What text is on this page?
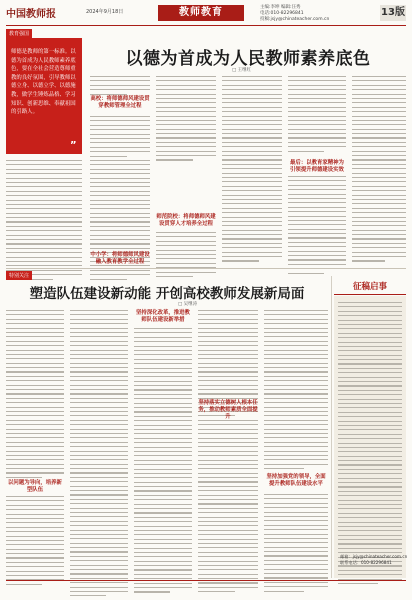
中国教师报	2024年9月18日	教师教育	主编:李坤 编辑:汪秀
电话:010-82296841
投稿:jsjy@chinateacher.com.cn
13版
教育强国
师德是教师的第一标准。以德为首成为人民教师素养底色，要在全社会营造尊师重教的良好氛围，引导教师以德立身、以德立学、以德施教，做学生锤炼品格、学习知识、创新思维、奉献祖国的引路人。
”
以德为首成为人民教师素养底色
□ 王继红
高校：将师德师风建设贯穿教师管理全过程
师范院校：将师德师风建设贯穿人才培养全过程
最后：以教育家精神为引领提升师德建设实效
中小学：将师德师风建设融入教育教学全过程
特别关注
塑造队伍建设新动能 开创高校教师发展新局面
□ 吴继涛
以问题为导向，培养新型队伍
坚持深化改革，推进教师队伍建设新举措
坚持落实立德树人根本任务，推动教师素质全面提升
坚持加强党的领导，全面提升教师队伍建设水平
征稿启事
邮箱：jsjy@chinateacher.com.cn
联系电话：010-82296841
